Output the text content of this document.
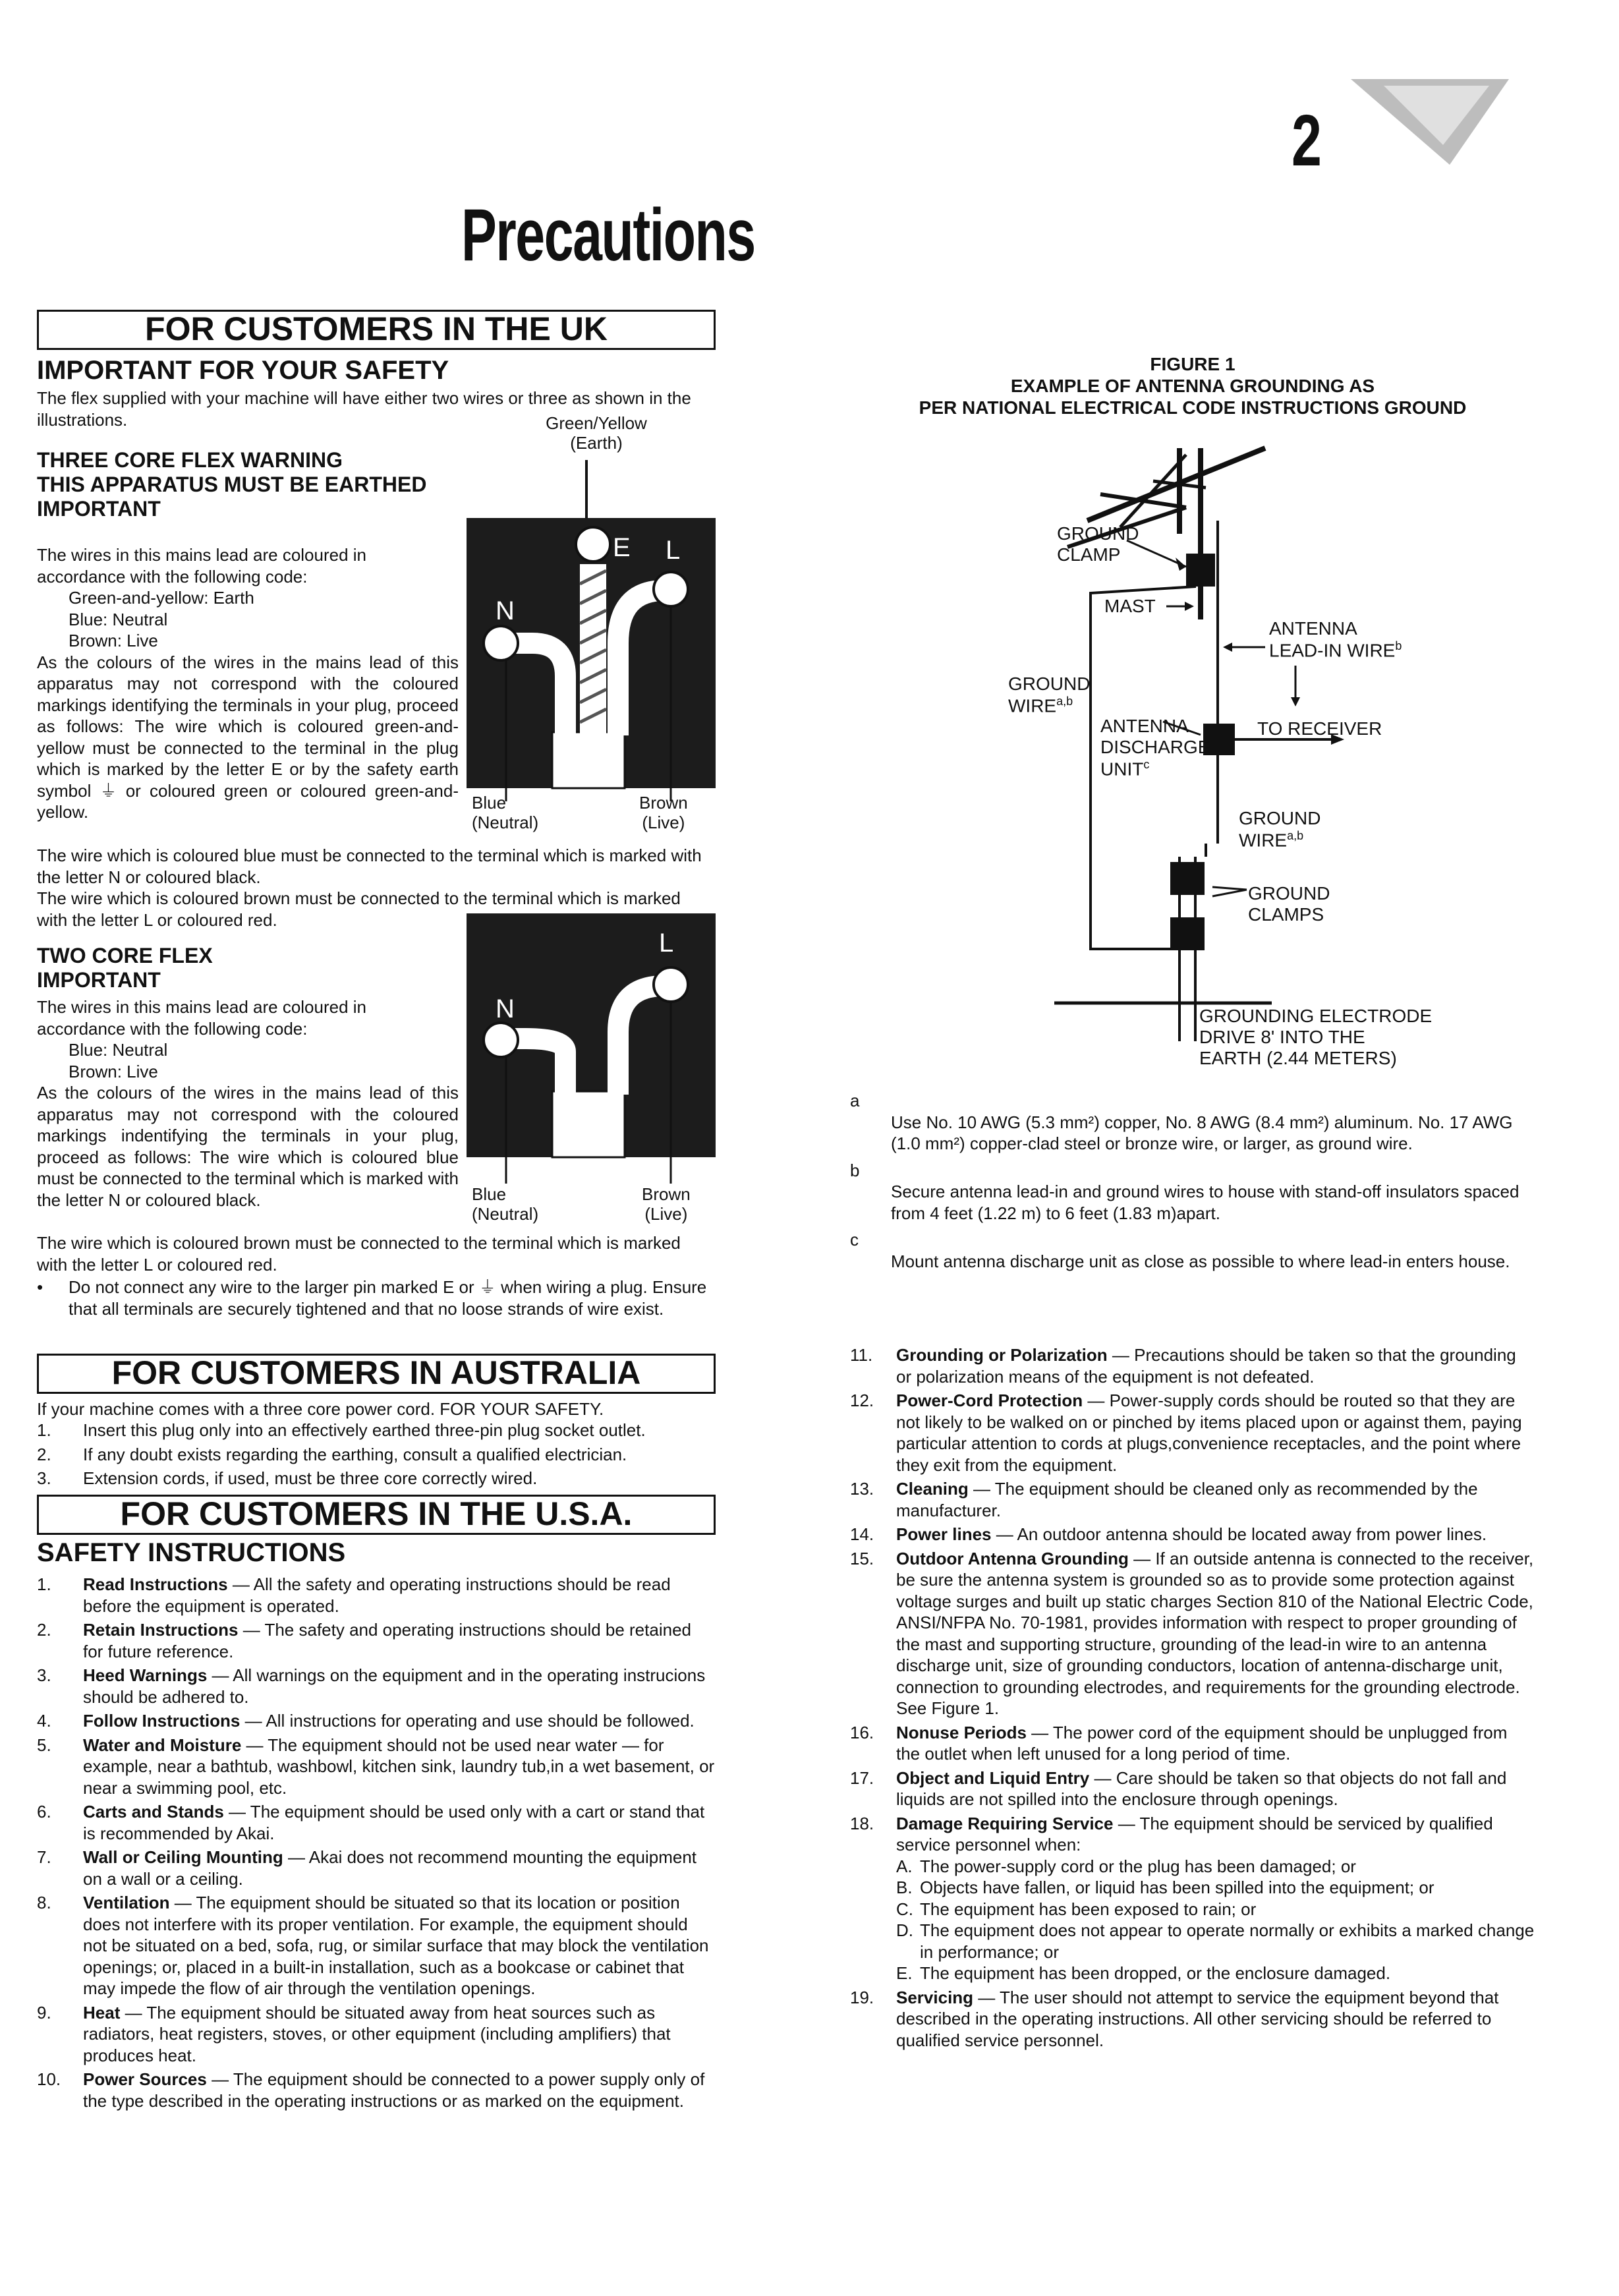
2
Precautions
FOR CUSTOMERS IN THE UK
IMPORTANT FOR YOUR SAFETY

The flex supplied with your machine will have either two wires or three as shown in the illustrations.	Green/Yellow
(Earth)
THREE CORE FLEX WARNING
THIS APPARATUS MUST BE EARTHED
IMPORTANT

The wires in this mains lead are coloured in accordance with the following code:

Green-and-yellow: Earth

Blue: Neutral

Brown: Live

As the colours of the wires in the mains lead of this apparatus may not correspond with the coloured markings identifying the terminals in your plug, proceed as follows: The wire which is coloured green-and-yellow must be connected to the terminal in the plug which is marked by the letter E or by the safety earth symbol ⏚ or coloured green or coloured green-and-yellow.

E L
N
Blue
(Neutral)
Brown
(Live)

The wire which is coloured blue must be connected to the terminal which is marked with the letter N or coloured black.

The wire which is coloured brown must be connected to the terminal which is marked with the letter L or coloured red.

TWO CORE FLEX
IMPORTANT

The wires in this mains lead are coloured in accordance with the following code:

Blue: Neutral

Brown: Live

As the colours of the wires in the mains lead of this apparatus may not correspond with the coloured markings indentifying the terminals in your plug, proceed as follows: The wire which is coloured blue must be connected to the terminal which is marked with the letter N or coloured black.

L
N
Blue
(Neutral)
Brown
(Live)

The wire which is coloured brown must be connected to the terminal which is marked with the letter L or coloured red.

• Do not connect any wire to the larger pin marked E or ⏚ when wiring a plug. Ensure that all terminals are securely tightened and that no loose strands of wire exist.
FOR CUSTOMERS IN AUSTRALIA

If your machine comes with a three core power cord. FOR YOUR SAFETY.

1. Insert this plug only into an effectively earthed three-pin plug socket outlet.
2. If any doubt exists regarding the earthing, consult a qualified electrician.
3. Extension cords, if used, must be three core correctly wired.
FOR CUSTOMERS IN THE U.S.A.
SAFETY INSTRUCTIONS
1. Read Instructions — All the safety and operating instructions should be read before the equipment is operated.
2. Retain Instructions — The safety and operating instructions should be retained for future reference.
3. Heed Warnings — All warnings on the equipment and in the operating instrucions should be adhered to.
4. Follow Instructions — All instructions for operating and use should be followed.
5. Water and Moisture — The equipment should not be used near water — for example, near a bathtub, washbowl, kitchen sink, laundry tub,in a wet basement, or near a swimming pool, etc.
6. Carts and Stands — The equipment should be used only with a cart or stand that is recommended by Akai.
7. Wall or Ceiling Mounting — Akai does not recommend mounting the equipment on a wall or a ceiling.
8. Ventilation — The equipment should be situated so that its location or position does not interfere with its proper ventilation. For example, the equipment should not be situated on a bed, sofa, rug, or similar surface that may block the ventilation openings; or, placed in a built-in installation, such as a bookcase or cabinet that may impede the flow of air through the ventilation openings.
9. Heat — The equipment should be situated away from heat sources such as radiators, heat registers, stoves, or other equipment (including amplifiers) that produces heat.
10. Power Sources — The equipment should be connected to a power supply only of the type described in the operating instructions or as marked on the equipment.
FIGURE 1
EXAMPLE OF ANTENNA GROUNDING AS
PER NATIONAL ELECTRICAL CODE INSTRUCTIONS GROUND
GROUND
CLAMP
MAST
ANTENNA
LEAD-IN WIRE$^b$
GROUND
WIRE$^{a,b}$
ANTENNA
DISCHARGE
UNIT$^c$
TO RECEIVER
GROUND
WIRE$^{a,b}$
GROUND
CLAMPS
GROUNDING ELECTRODE
DRIVE 8' INTO THE
EARTH (2.44 METERS)
a
Use No. 10 AWG (5.3 mm²) copper, No. 8 AWG (8.4 mm²) aluminum. No. 17 AWG (1.0 mm²) copper-clad steel or bronze wire, or larger, as ground wire.
b
Secure antenna lead-in and ground wires to house with stand-off insulators spaced from 4 feet (1.22 m) to 6 feet (1.83 m)apart.
c
Mount antenna discharge unit as close as possible to where lead-in enters house.
11. Grounding or Polarization — Precautions should be taken so that the grounding or polarization means of the equipment is not defeated.
12. Power-Cord Protection — Power-supply cords should be routed so that they are not likely to be walked on or pinched by items placed upon or against them, paying particular attention to cords at plugs,convenience receptacles, and the point where they exit from the equipment.
13. Cleaning — The equipment should be cleaned only as recommended by the manufacturer.
14. Power lines — An outdoor antenna should be located away from power lines.
15. Outdoor Antenna Grounding — If an outside antenna is connected to the receiver, be sure the antenna system is grounded so as to provide some protection against voltage surges and built up static charges Section 810 of the National Electric Code, ANSI/NFPA No. 70-1981, provides information with respect to proper grounding of the mast and supporting structure, grounding of the lead-in wire to an antenna discharge unit, size of grounding conductors, location of antenna-discharge unit, connection to grounding electrodes, and requirements for the grounding electrode. See Figure 1.
16. Nonuse Periods — The power cord of the equipment should be unplugged from the outlet when left unused for a long period of time.
17. Object and Liquid Entry — Care should be taken so that objects do not fall and liquids are not spilled into the enclosure through openings.
18. Damage Requiring Service — The equipment should be serviced by qualified service personnel when:
A. The power-supply cord or the plug has been damaged; or
B. Objects have fallen, or liquid has been spilled into the equipment; or
C. The equipment has been exposed to rain; or
D. The equipment does not appear to operate normally or exhibits a marked change in performance; or
E. The equipment has been dropped, or the enclosure damaged.
19. Servicing — The user should not attempt to service the equipment beyond that described in the operating instructions. All other servicing should be referred to qualified service personnel.
